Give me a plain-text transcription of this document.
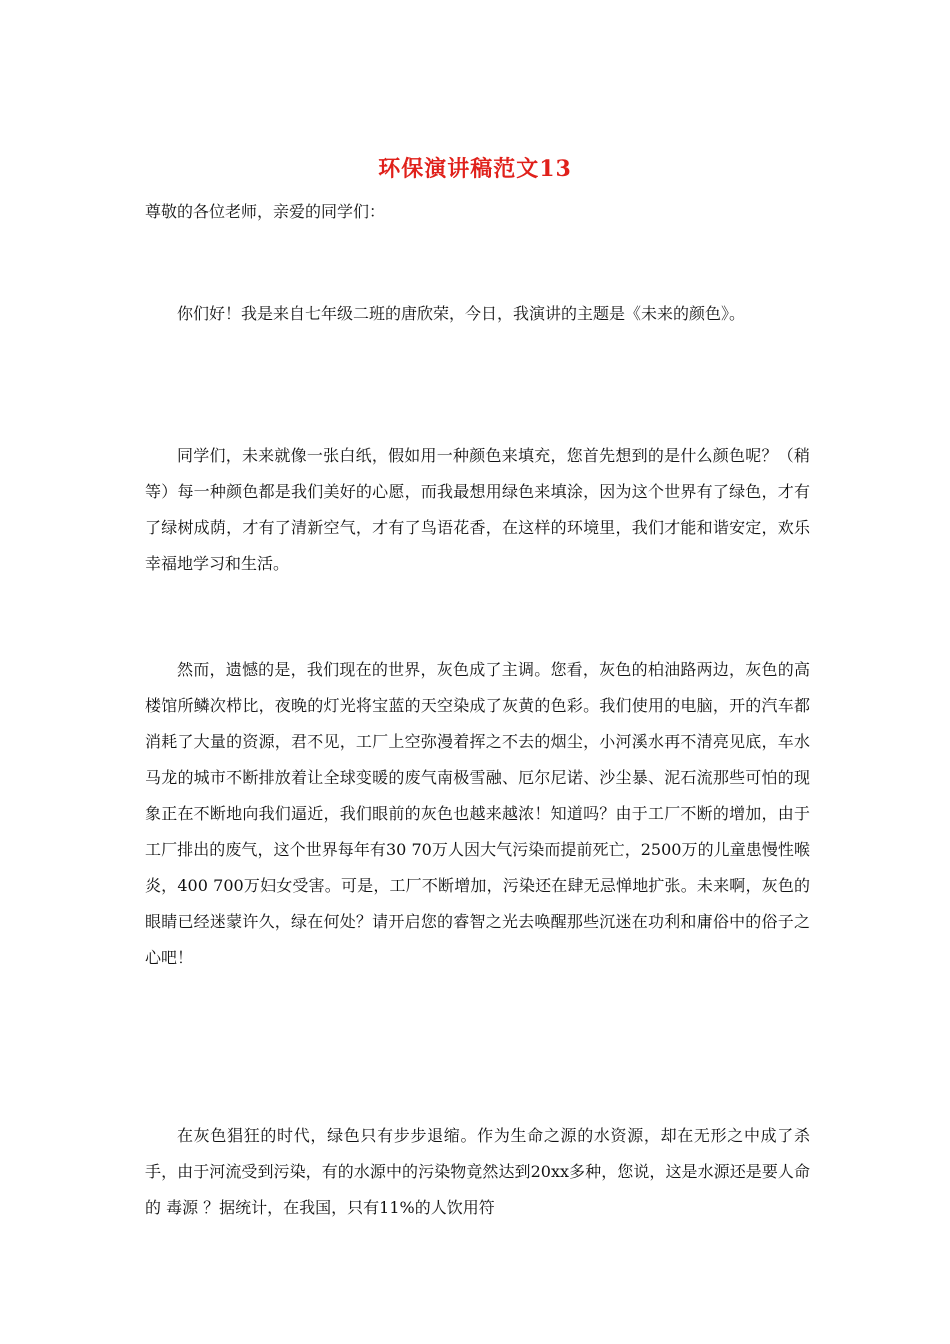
环保演讲稿范文13
尊敬的各位老师，亲爱的同学们：
你们好！我是来自七年级二班的唐欣荣，今日，我演讲的主题是《未来的颜色》。
同学们，未来就像一张白纸，假如用一种颜色来填充，您首先想到的是什么颜色呢？（稍等）每一种颜色都是我们美好的心愿，而我最想用绿色来填涂，因为这个世界有了绿色，才有了绿树成荫，才有了清新空气，才有了鸟语花香，在这样的环境里，我们才能和谐安定，欢乐幸福地学习和生活。
然而，遗憾的是，我们现在的世界，灰色成了主调。您看，灰色的柏油路两边，灰色的高楼馆所鳞次栉比，夜晚的灯光将宝蓝的天空染成了灰黄的色彩。我们使用的电脑，开的汽车都消耗了大量的资源，君不见，工厂上空弥漫着挥之不去的烟尘，小河溪水再不清亮见底，车水马龙的城市不断排放着让全球变暖的废气南极雪融、厄尔尼诺、沙尘暴、泥石流那些可怕的现象正在不断地向我们逼近，我们眼前的灰色也越来越浓！知道吗？由于工厂不断的增加，由于工厂排出的废气，这个世界每年有30 70万人因大气污染而提前死亡，2500万的儿童患慢性喉炎，400 700万妇女受害。可是，工厂不断增加，污染还在肆无忌惮地扩张。未来啊，灰色的眼睛已经迷蒙许久，绿在何处？请开启您的睿智之光去唤醒那些沉迷在功利和庸俗中的俗子之心吧！
在灰色猖狂的时代，绿色只有步步退缩。作为生命之源的水资源，却在无形之中成了杀手，由于河流受到污染，有的水源中的污染物竟然达到20xx多种，您说，这是水源还是要人命的 毒源 ？据统计，在我国，只有11%的人饮用符
